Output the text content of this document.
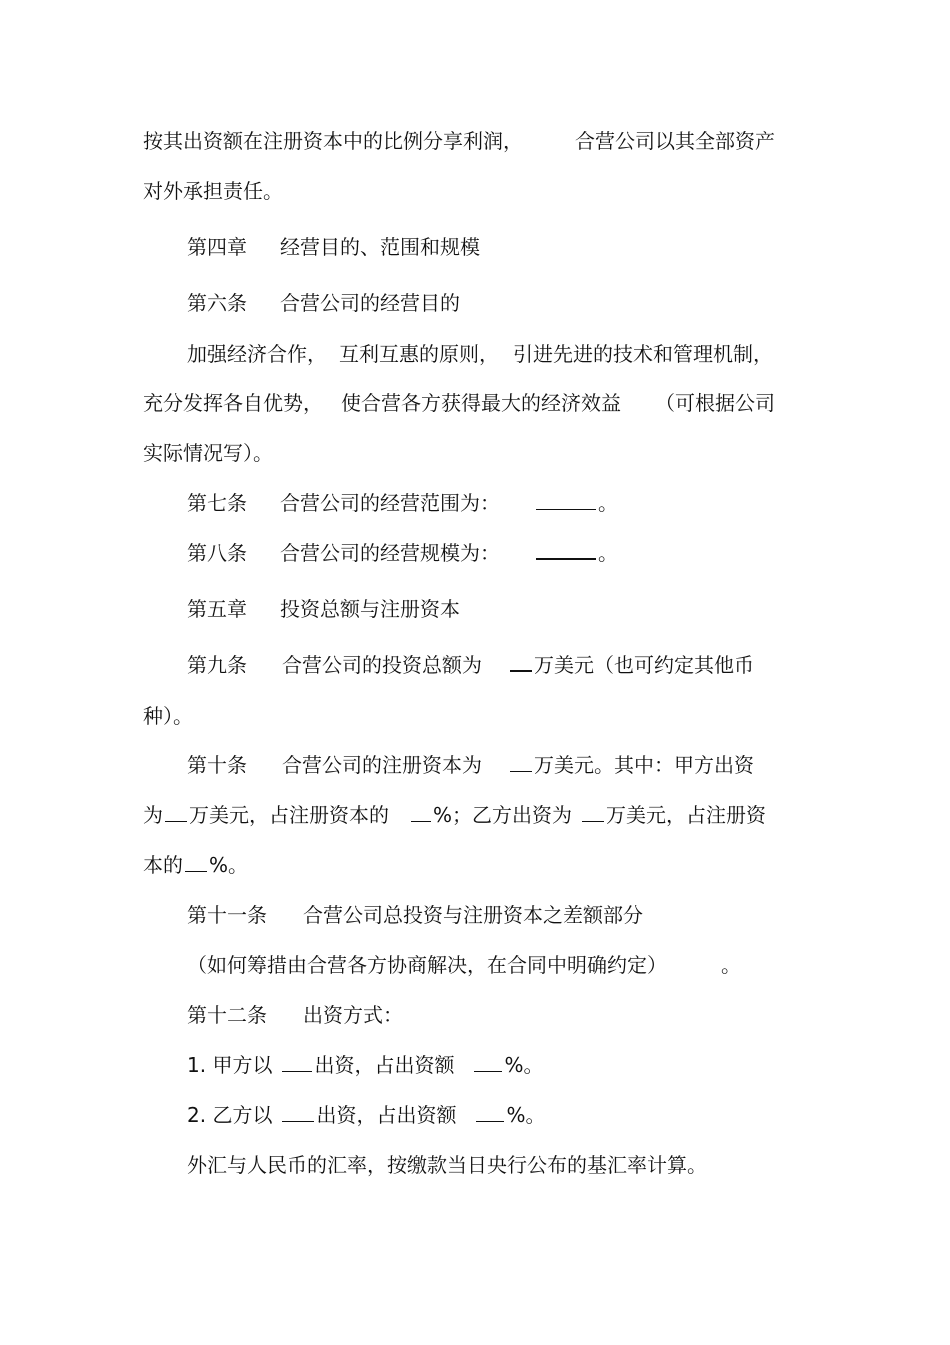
按其出资额在注册资本中的比例分享利润，	合营公司以其全部资产
对外承担责任。
第四章 经营目的、范围和规模
第六条 合营公司的经营目的
加强经济合作， 互利互惠的原则， 引进先进的技术和管理机制，
充分发挥各自优势， 使合营各方获得最大的经济效益 （可根据公司
实际情况写）。
第七条 合营公司的经营范围为：	。
第八条 合营公司的经营规模为：	。
第五章 投资总额与注册资本
第九条 合营公司的投资总额为	万美元（也可约定其他币
种）。
第十条 合营公司的注册资本为	万美元。其中：甲方出资
为 万美元，占注册资本的 %；乙方出资为 万美元，占注册资
本的 %。
第十一条 合营公司总投资与注册资本之差额部分
（如何筹措由合营各方协商解决，在合同中明确约定）	。
第十二条 出资方式：
1. 甲方以 出资，占出资额	%。
2. 乙方以 出资，占出资额	%。
外汇与人民币的汇率，按缴款当日央行公布的基汇率计算。
